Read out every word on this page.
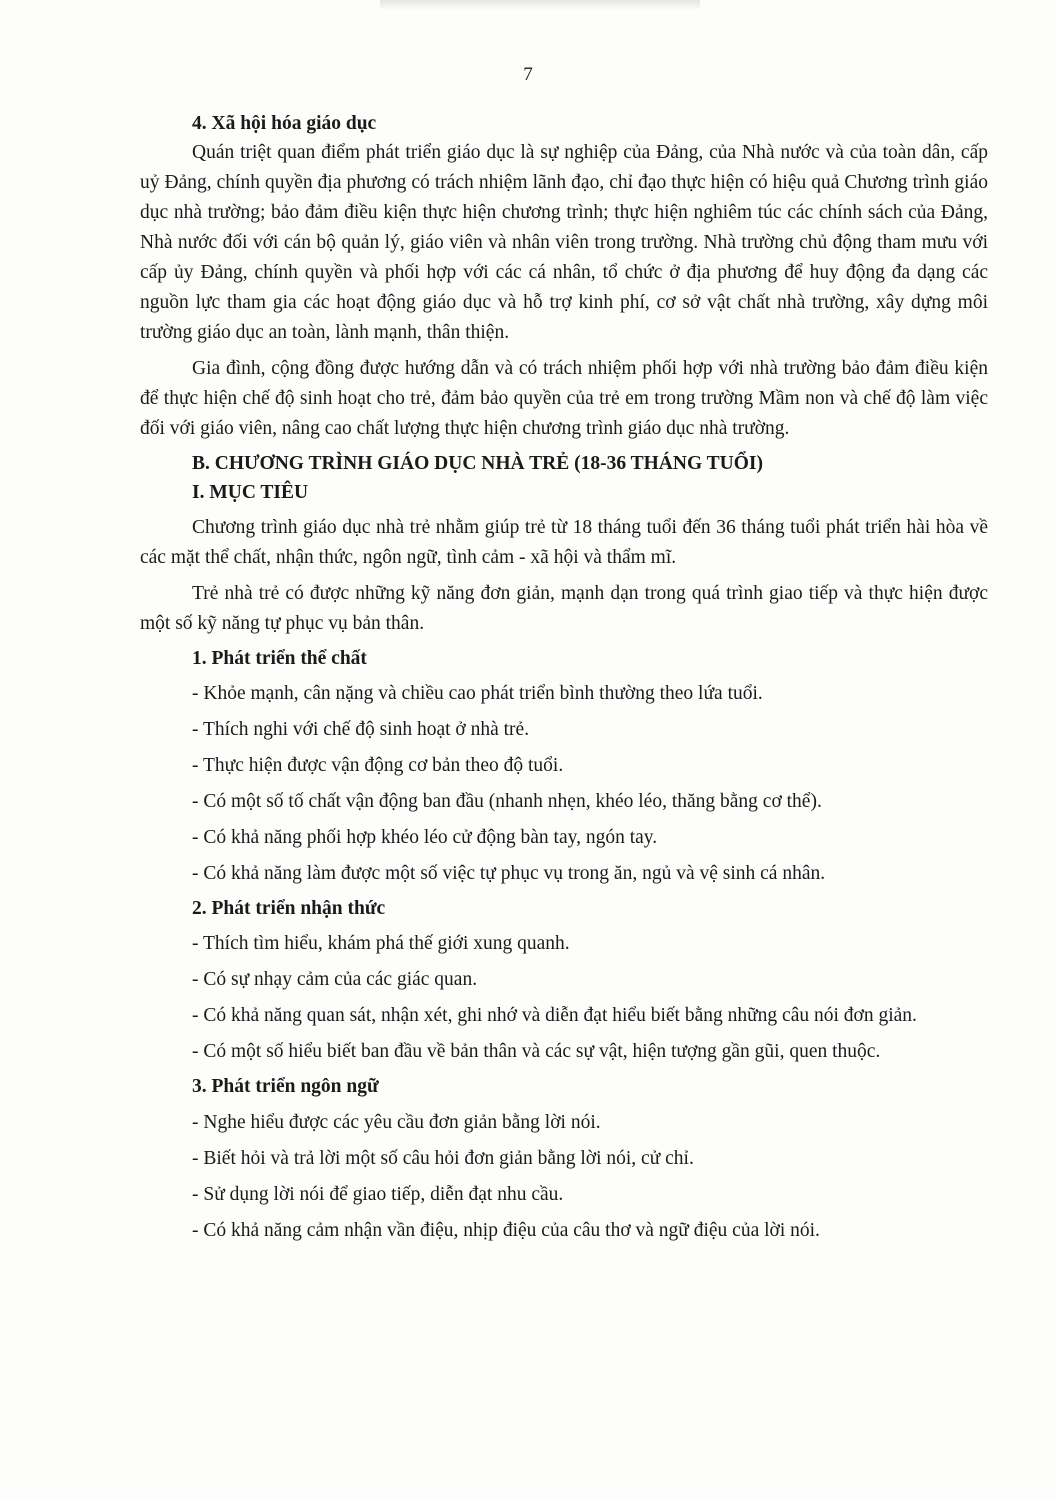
7

4. Xã hội hóa giáo dục

Quán triệt quan điểm phát triển giáo dục là sự nghiệp của Đảng, của Nhà nước và của toàn dân, cấp uỷ Đảng, chính quyền địa phương có trách nhiệm lãnh đạo, chỉ đạo thực hiện có hiệu quả Chương trình giáo dục nhà trường; bảo đảm điều kiện thực hiện chương trình; thực hiện nghiêm túc các chính sách của Đảng, Nhà nước đối với cán bộ quản lý, giáo viên và nhân viên trong trường. Nhà trường chủ động tham mưu với cấp ủy Đảng, chính quyền và phối hợp với các cá nhân, tổ chức ở địa phương để huy động đa dạng các nguồn lực tham gia các hoạt động giáo dục và hỗ trợ kinh phí, cơ sở vật chất nhà trường, xây dựng môi trường giáo dục an toàn, lành mạnh, thân thiện.

Gia đình, cộng đồng được hướng dẫn và có trách nhiệm phối hợp với nhà trường bảo đảm điều kiện để thực hiện chế độ sinh hoạt cho trẻ, đảm bảo quyền của trẻ em trong trường Mầm non và chế độ làm việc đối với giáo viên, nâng cao chất lượng thực hiện chương trình giáo dục nhà trường.

B. CHƯƠNG TRÌNH GIÁO DỤC NHÀ TRẺ (18-36 THÁNG TUỔI)

I. MỤC TIÊU

Chương trình giáo dục nhà trẻ nhằm giúp trẻ từ 18 tháng tuổi đến 36 tháng tuổi phát triển hài hòa về các mặt thể chất, nhận thức, ngôn ngữ, tình cảm - xã hội và thẩm mĩ.

Trẻ nhà trẻ có được những kỹ năng đơn giản, mạnh dạn trong quá trình giao tiếp và thực hiện được một số kỹ năng tự phục vụ bản thân.

1. Phát triển thể chất

- Khỏe mạnh, cân nặng và chiều cao phát triển bình thường theo lứa tuổi.

- Thích nghi với chế độ sinh hoạt ở nhà trẻ.

- Thực hiện được vận động cơ bản theo độ tuổi.

- Có một số tố chất vận động ban đầu (nhanh nhẹn, khéo léo, thăng bằng cơ thể).

- Có khả năng phối hợp khéo léo cử động bàn tay, ngón tay.

- Có khả năng làm được một số việc tự phục vụ trong ăn, ngủ và vệ sinh cá nhân.

2. Phát triển nhận thức

- Thích tìm hiểu, khám phá thế giới xung quanh.

- Có sự nhạy cảm của các giác quan.

- Có khả năng quan sát, nhận xét, ghi nhớ và diễn đạt hiểu biết bằng những câu nói đơn giản.

- Có một số hiểu biết ban đầu về bản thân và các sự vật, hiện tượng gần gũi, quen thuộc.

3. Phát triển ngôn ngữ

- Nghe hiểu được các yêu cầu đơn giản bằng lời nói.

- Biết hỏi và trả lời một số câu hỏi đơn giản bằng lời nói, cử chỉ.

- Sử dụng lời nói để giao tiếp, diễn đạt nhu cầu.

- Có khả năng cảm nhận vần điệu, nhịp điệu của câu thơ và ngữ điệu của lời nói.
